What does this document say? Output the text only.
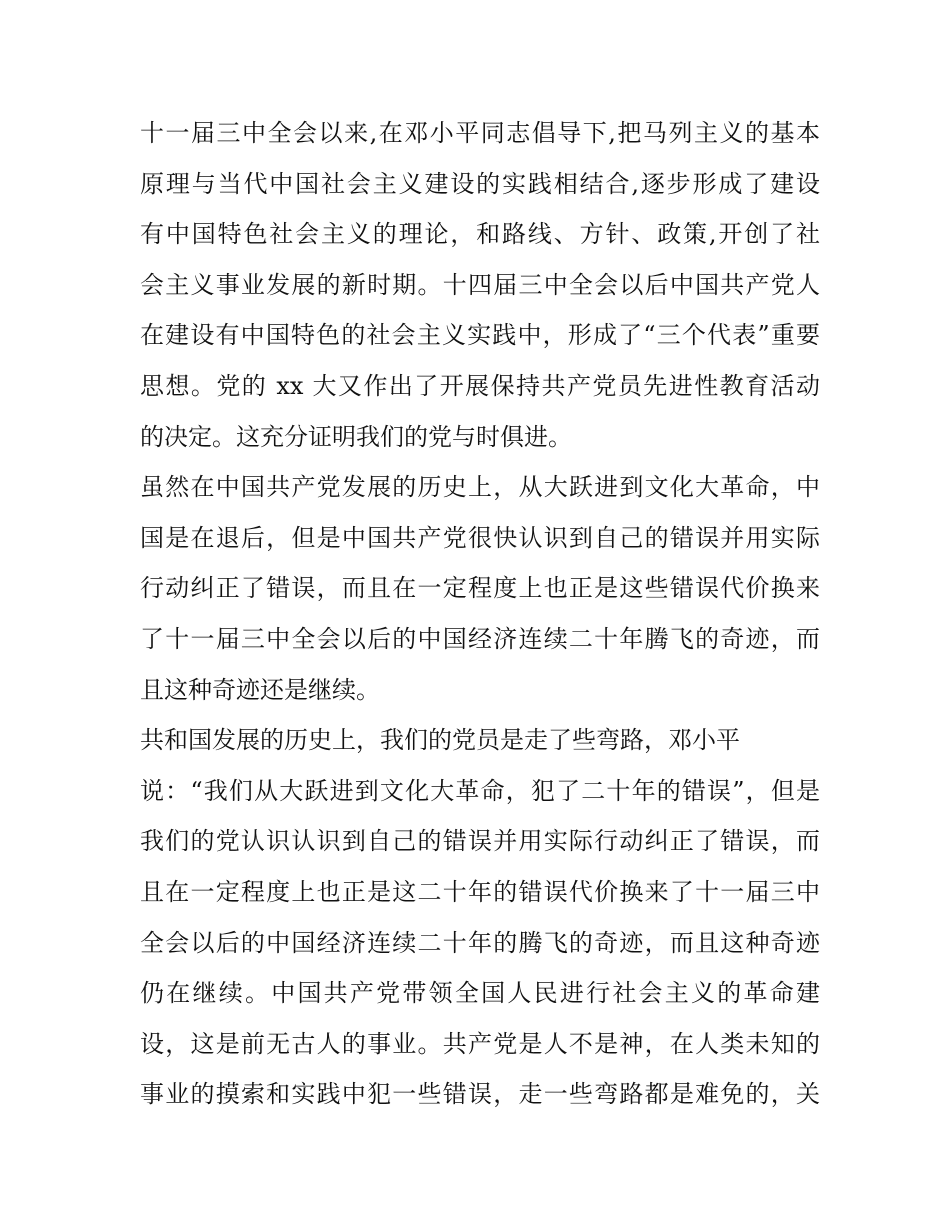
十一届三中全会以来,在邓小平同志倡导下,把马列主义的基本
原理与当代中国社会主义建设的实践相结合,逐步形成了建设
有中国特色社会主义的理论，和路线、方针、政策,开创了社
会主义事业发展的新时期。十四届三中全会以后中国共产党人
在建设有中国特色的社会主义实践中，形成了“三个代表”重要
思想。党的 xx 大又作出了开展保持共产党员先进性教育活动
的决定。这充分证明我们的党与时俱进。
虽然在中国共产党发展的历史上，从大跃进到文化大革命，中
国是在退后，但是中国共产党很快认识到自己的错误并用实际
行动纠正了错误，而且在一定程度上也正是这些错误代价换来
了十一届三中全会以后的中国经济连续二十年腾飞的奇迹，而
且这种奇迹还是继续。
共和国发展的历史上，我们的党员是走了些弯路，邓小平
说：“我们从大跃进到文化大革命，犯了二十年的错误”，但是
我们的党认识认识到自己的错误并用实际行动纠正了错误，而
且在一定程度上也正是这二十年的错误代价换来了十一届三中
全会以后的中国经济连续二十年的腾飞的奇迹，而且这种奇迹
仍在继续。中国共产党带领全国人民进行社会主义的革命建
设，这是前无古人的事业。共产党是人不是神，在人类未知的
事业的摸索和实践中犯一些错误，走一些弯路都是难免的，关
